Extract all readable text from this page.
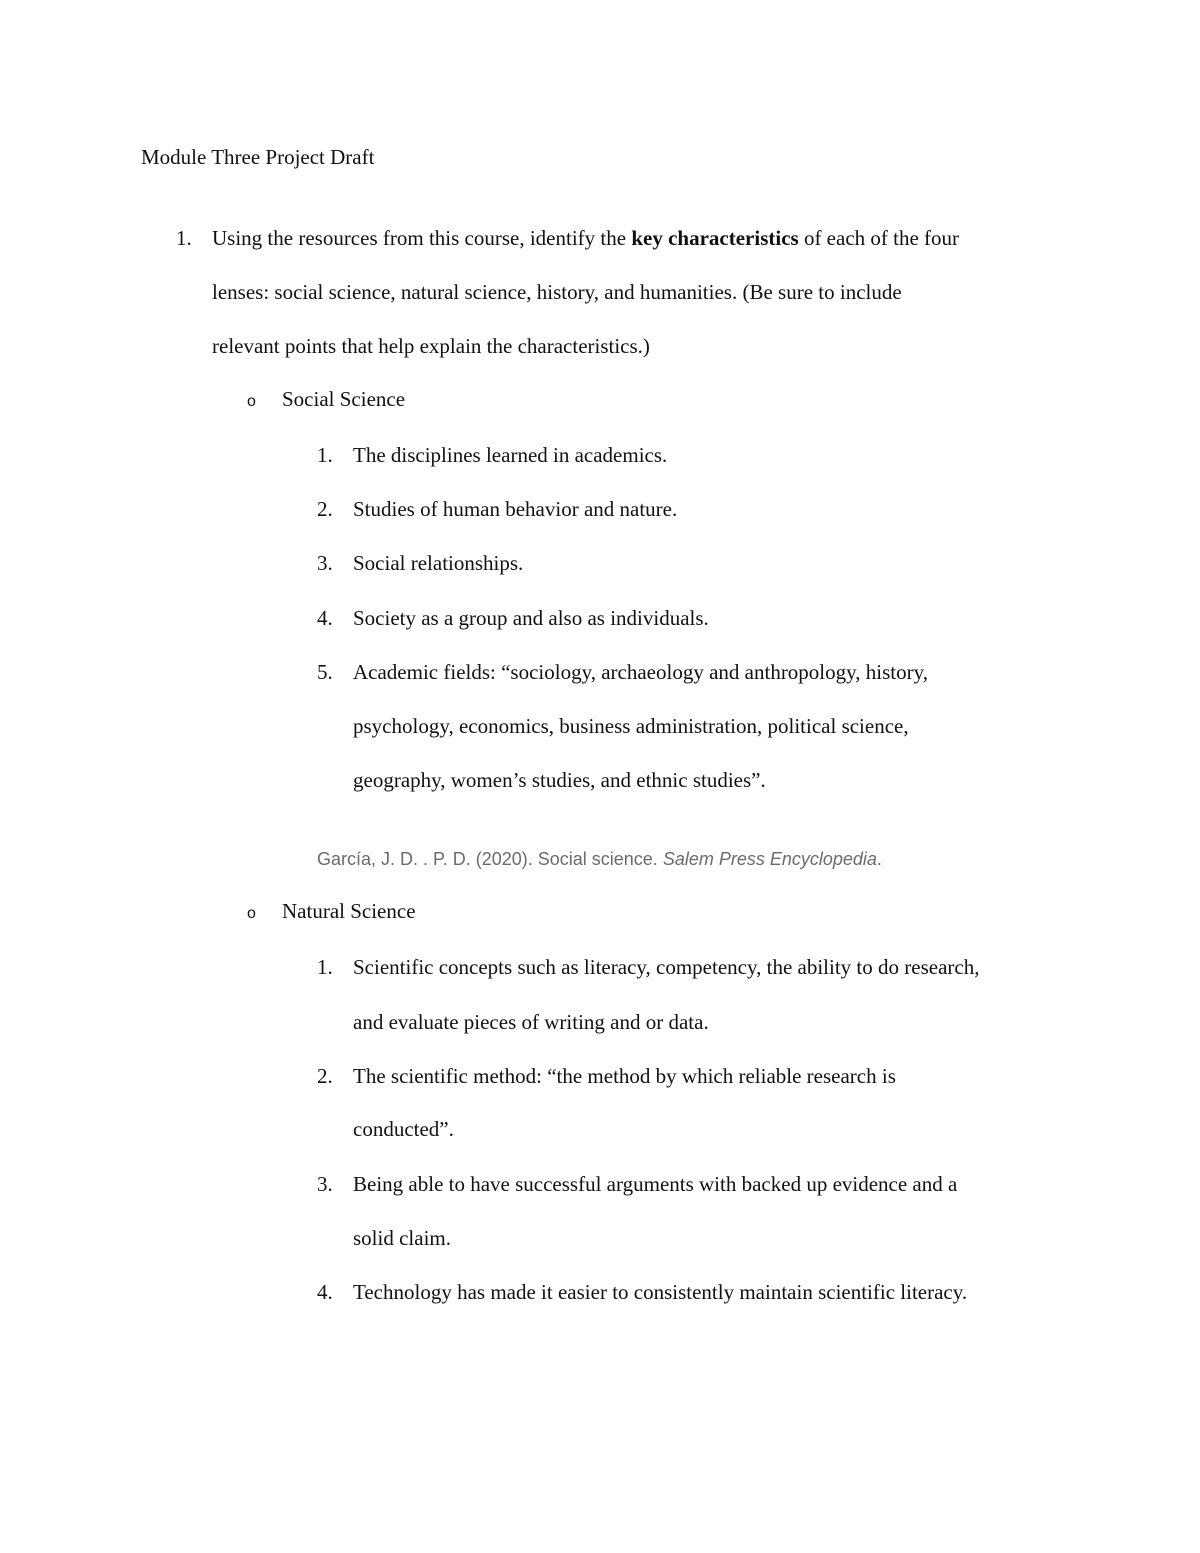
Module Three Project Draft
1. Using the resources from this course, identify the key characteristics of each of the four
lenses: social science, natural science, history, and humanities. (Be sure to include
relevant points that help explain the characteristics.)
o Social Science
1. The disciplines learned in academics.
2. Studies of human behavior and nature.
3. Social relationships.
4. Society as a group and also as individuals.
5. Academic fields: “sociology, archaeology and anthropology, history,
psychology, economics, business administration, political science,
geography, women’s studies, and ethnic studies”.
García, J. D. . P. D. (2020). Social science. Salem Press Encyclopedia.
o Natural Science
1. Scientific concepts such as literacy, competency, the ability to do research,
and evaluate pieces of writing and or data.
2. The scientific method: “the method by which reliable research is
conducted”.
3. Being able to have successful arguments with backed up evidence and a
solid claim.
4. Technology has made it easier to consistently maintain scientific literacy.
